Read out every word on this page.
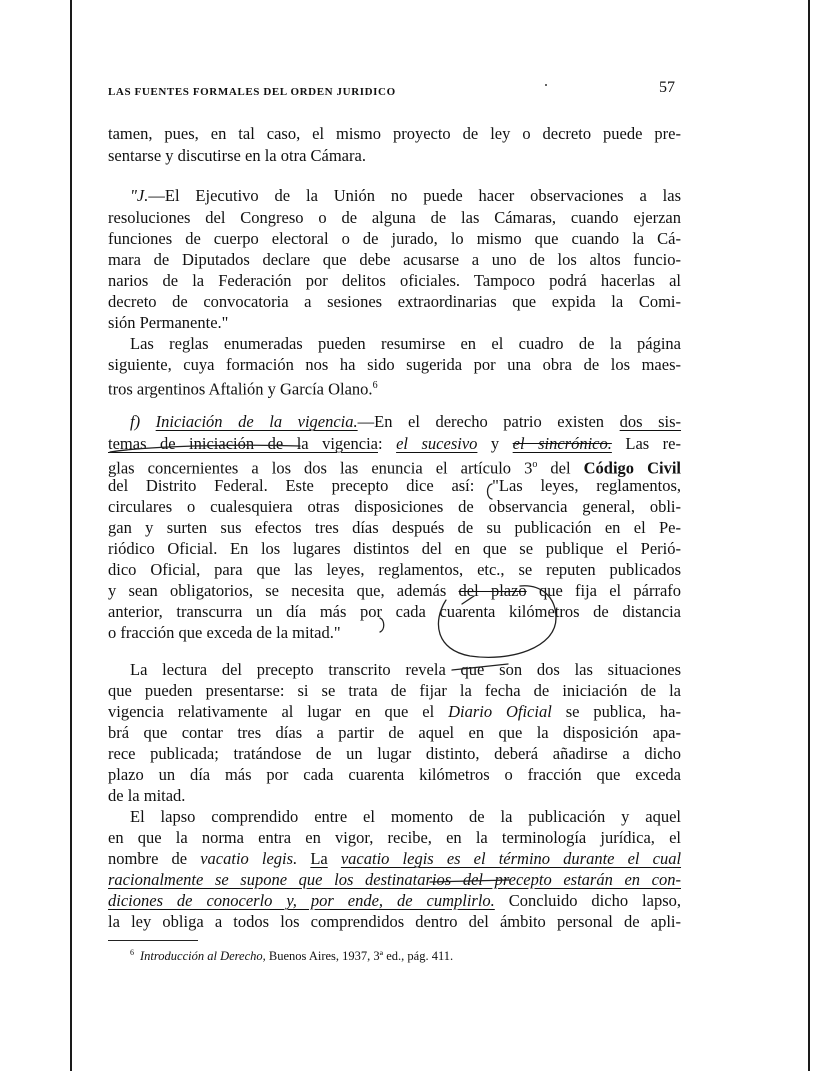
LAS FUENTES FORMALES DEL ORDEN JURIDICO	57
tamen, pues, en tal caso, el mismo proyecto de ley o decreto puede pre-
sentarse y discutirse en la otra Cámara.
"J.—El Ejecutivo de la Unión no puede hacer observaciones a las
resoluciones del Congreso o de alguna de las Cámaras, cuando ejerzan
funciones de cuerpo electoral o de jurado, lo mismo que cuando la Cá-
mara de Diputados declare que debe acusarse a uno de los altos funcio-
narios de la Federación por delitos oficiales. Tampoco podrá hacerlas al
decreto de convocatoria a sesiones extraordinarias que expida la Comi-
sión Permanente."
Las reglas enumeradas pueden resumirse en el cuadro de la página
siguiente, cuya formación nos ha sido sugerida por una obra de los maes-
tros argentinos Aftalión y García Olano.$^6$
f) Iniciación de la vigencia.—En el derecho patrio existen dos sis-
temas de iniciación de la vigencia: el sucesivo y el sincrónico. Las re-
glas concernientes a los dos las enuncia el artículo 3$^o$ del Código Civil
del Distrito Federal. Este precepto dice así: "Las leyes, reglamentos,
circulares o cualesquiera otras disposiciones de observancia general, obli-
gan y surten sus efectos tres días después de su publicación en el Pe-
riódico Oficial. En los lugares distintos del en que se publique el Perió-
dico Oficial, para que las leyes, reglamentos, etc., se reputen publicados
y sean obligatorios, se necesita que, además del plazo que fija el párrafo
anterior, transcurra un día más por cada cuarenta kilómetros de distancia
o fracción que exceda de la mitad."
La lectura del precepto transcrito revela que son dos las situaciones
que pueden presentarse: si se trata de fijar la fecha de iniciación de la
vigencia relativamente al lugar en que el Diario Oficial se publica, ha-
brá que contar tres días a partir de aquel en que la disposición apa-
rece publicada; tratándose de un lugar distinto, deberá añadirse a dicho
plazo un día más por cada cuarenta kilómetros o fracción que exceda
de la mitad.
El lapso comprendido entre el momento de la publicación y aquel
en que la norma entra en vigor, recibe, en la terminología jurídica, el
nombre de vacatio legis. La vacatio legis es el término durante el cual
racionalmente se supone que los destinatarios del precepto estarán en con-
diciones de conocerlo y, por ende, de cumplirlo. Concluido dicho lapso,
la ley obliga a todos los comprendidos dentro del ámbito personal de apli-
$^6$ Introducción al Derecho, Buenos Aires, 1937, 3ª ed., pág. 411.
